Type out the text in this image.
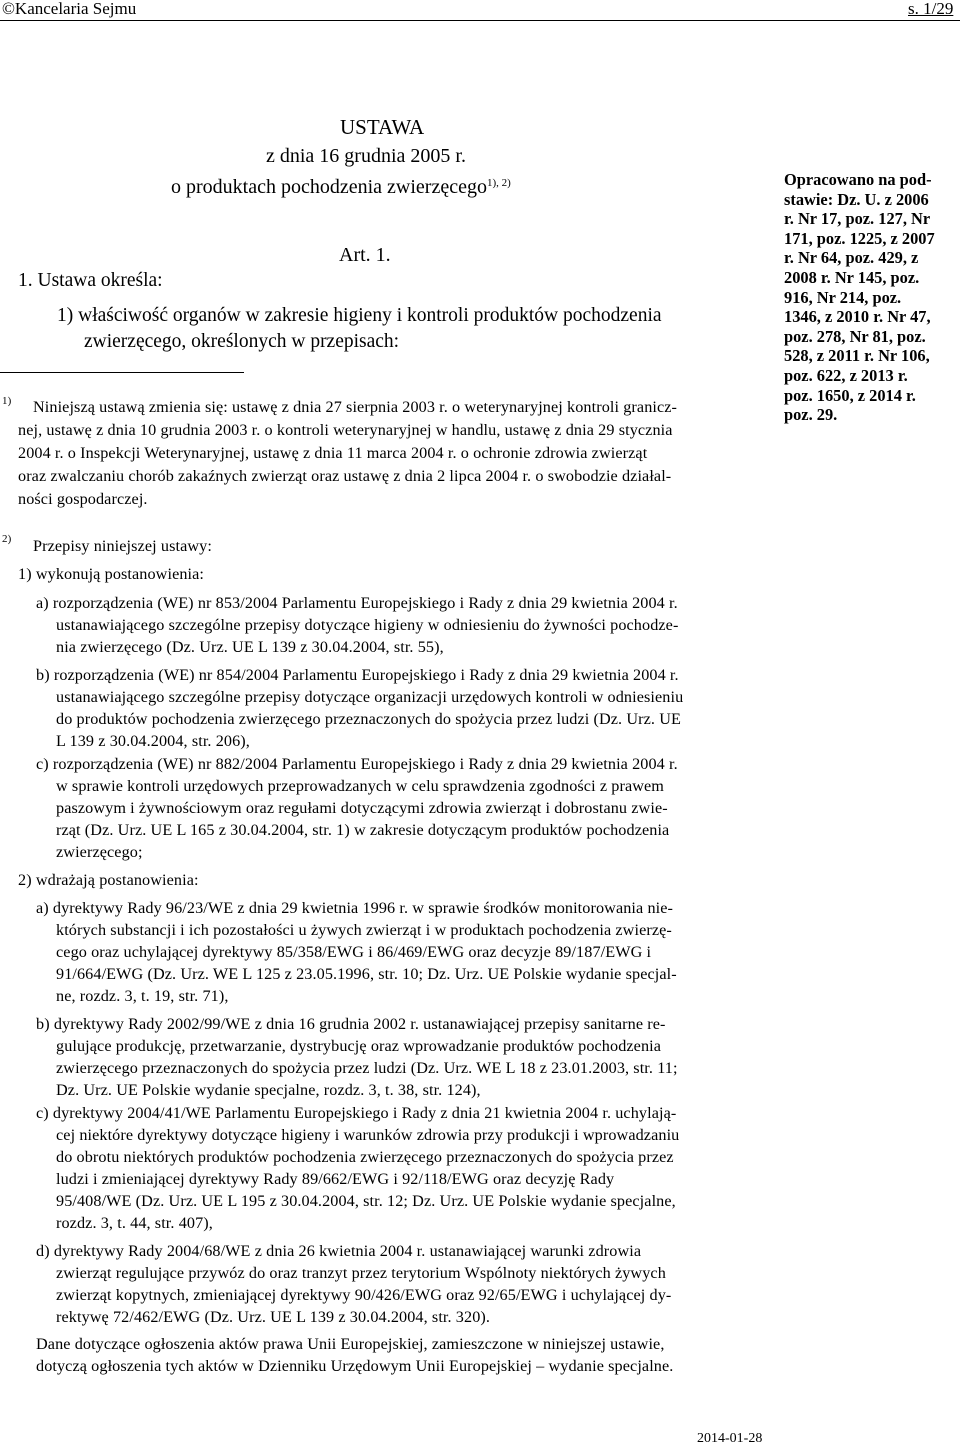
©Kancelaria Sejmu	s. 1/29
USTAWA
z dnia 16 grudnia 2005 r.
o produktach pochodzenia zwierzęcego$^{1), 2)}$
Art. 1.
1. Ustawa określa:
1) właściwość organów w zakresie higieny i kontroli produktów pochodzenia
zwierzęcego, określonych w przepisach:
Opracowano na pod-
stawie: Dz. U. z 2006
r. Nr 17, poz. 127, Nr
171, poz. 1225, z 2007
r. Nr 64, poz. 429, z
2008 r. Nr 145, poz.
916, Nr 214, poz.
1346, z 2010 r. Nr 47,
poz. 278, Nr 81, poz.
528, z 2011 r. Nr 106,
poz. 622, z 2013 r.
poz. 1650, z 2014 r.
poz. 29.
$^{1)}$ Niniejszą ustawą zmienia się: ustawę z dnia 27 sierpnia 2003 r. o weterynaryjnej kontroli granicz-
nej, ustawę z dnia 10 grudnia 2003 r. o kontroli weterynaryjnej w handlu, ustawę z dnia 29 stycznia
2004 r. o Inspekcji Weterynaryjnej, ustawę z dnia 11 marca 2004 r. o ochronie zdrowia zwierząt
oraz zwalczaniu chorób zakaźnych zwierząt oraz ustawę z dnia 2 lipca 2004 r. o swobodzie działal-
ności gospodarczej.
$^{2)}$ Przepisy niniejszej ustawy:
1) wykonują postanowienia:
a) rozporządzenia (WE) nr 853/2004 Parlamentu Europejskiego i Rady z dnia 29 kwietnia 2004 r.
ustanawiającego szczególne przepisy dotyczące higieny w odniesieniu do żywności pochodze-
nia zwierzęcego (Dz. Urz. UE L 139 z 30.04.2004, str. 55),
b) rozporządzenia (WE) nr 854/2004 Parlamentu Europejskiego i Rady z dnia 29 kwietnia 2004 r.
ustanawiającego szczególne przepisy dotyczące organizacji urzędowych kontroli w odniesieniu
do produktów pochodzenia zwierzęcego przeznaczonych do spożycia przez ludzi (Dz. Urz. UE
L 139 z 30.04.2004, str. 206),
c) rozporządzenia (WE) nr 882/2004 Parlamentu Europejskiego i Rady z dnia 29 kwietnia 2004 r.
w sprawie kontroli urzędowych przeprowadzanych w celu sprawdzenia zgodności z prawem
paszowym i żywnościowym oraz regułami dotyczącymi zdrowia zwierząt i dobrostanu zwie-
rząt (Dz. Urz. UE L 165 z 30.04.2004, str. 1) w zakresie dotyczącym produktów pochodzenia
zwierzęcego;
2) wdrażają postanowienia:
a) dyrektywy Rady 96/23/WE z dnia 29 kwietnia 1996 r. w sprawie środków monitorowania nie-
których substancji i ich pozostałości u żywych zwierząt i w produktach pochodzenia zwierzę-
cego oraz uchylającej dyrektywy 85/358/EWG i 86/469/EWG oraz decyzje 89/187/EWG i
91/664/EWG (Dz. Urz. WE L 125 z 23.05.1996, str. 10; Dz. Urz. UE Polskie wydanie specjal-
ne, rozdz. 3, t. 19, str. 71),
b) dyrektywy Rady 2002/99/WE z dnia 16 grudnia 2002 r. ustanawiającej przepisy sanitarne re-
gulujące produkcję, przetwarzanie, dystrybucję oraz wprowadzanie produktów pochodzenia
zwierzęcego przeznaczonych do spożycia przez ludzi (Dz. Urz. WE L 18 z 23.01.2003, str. 11;
Dz. Urz. UE Polskie wydanie specjalne, rozdz. 3, t. 38, str. 124),
c) dyrektywy 2004/41/WE Parlamentu Europejskiego i Rady z dnia 21 kwietnia 2004 r. uchylają-
cej niektóre dyrektywy dotyczące higieny i warunków zdrowia przy produkcji i wprowadzaniu
do obrotu niektórych produktów pochodzenia zwierzęcego przeznaczonych do spożycia przez
ludzi i zmieniającej dyrektywy Rady 89/662/EWG i 92/118/EWG oraz decyzję Rady
95/408/WE (Dz. Urz. UE L 195 z 30.04.2004, str. 12; Dz. Urz. UE Polskie wydanie specjalne,
rozdz. 3, t. 44, str. 407),
d) dyrektywy Rady 2004/68/WE z dnia 26 kwietnia 2004 r. ustanawiającej warunki zdrowia
zwierząt regulujące przywóz do oraz tranzyt przez terytorium Wspólnoty niektórych żywych
zwierząt kopytnych, zmieniającej dyrektywy 90/426/EWG oraz 92/65/EWG i uchylającej dy-
rektywę 72/462/EWG (Dz. Urz. UE L 139 z 30.04.2004, str. 320).
Dane dotyczące ogłoszenia aktów prawa Unii Europejskiej, zamieszczone w niniejszej ustawie,
dotyczą ogłoszenia tych aktów w Dzienniku Urzędowym Unii Europejskiej – wydanie specjalne.
2014-01-28
